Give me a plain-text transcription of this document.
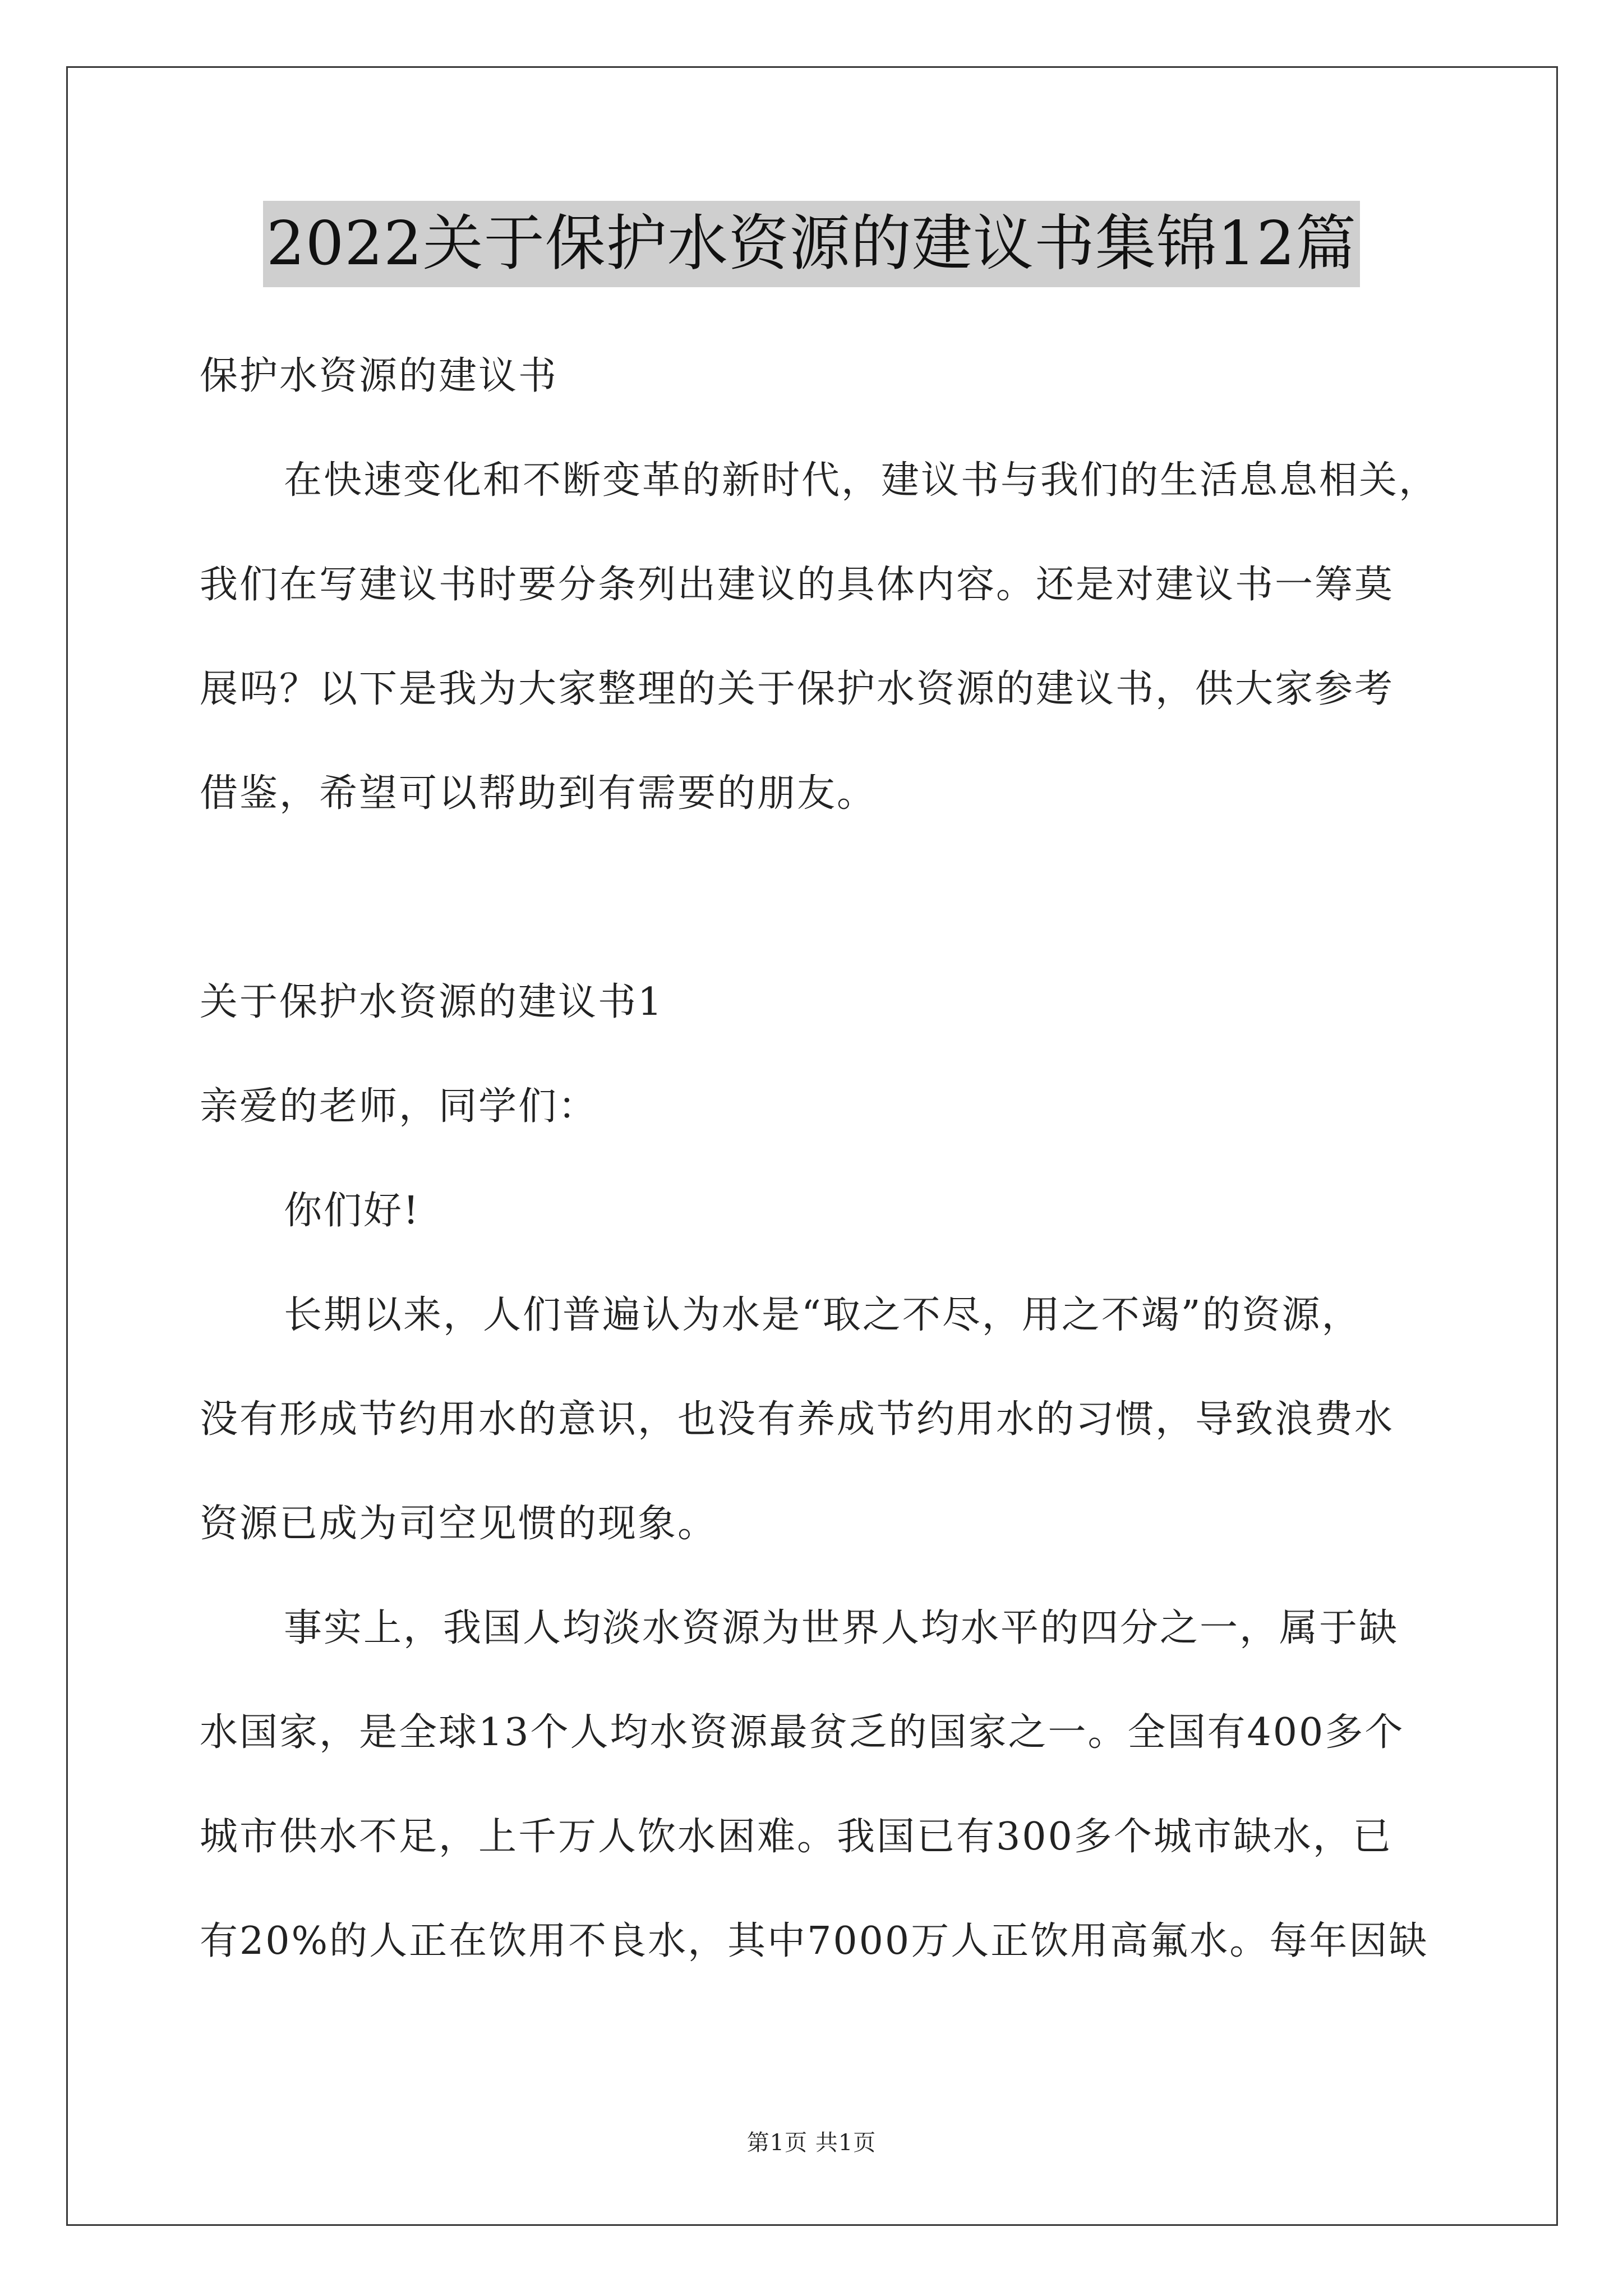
2022关于保护水资源的建议书集锦12篇

保护水资源的建议书

在快速变化和不断变革的新时代，建议书与我们的生活息息相关，

我们在写建议书时要分条列出建议的具体内容。还是对建议书一筹莫

展吗？以下是我为大家整理的关于保护水资源的建议书，供大家参考

借鉴，希望可以帮助到有需要的朋友。

关于保护水资源的建议书1

亲爱的老师，同学们：

你们好!

长期以来，人们普遍认为水是“取之不尽，用之不竭”的资源，

没有形成节约用水的意识，也没有养成节约用水的习惯，导致浪费水

资源已成为司空见惯的现象。

事实上，我国人均淡水资源为世界人均水平的四分之一，属于缺

水国家，是全球13个人均水资源最贫乏的国家之一。全国有400多个

城市供水不足，上千万人饮水困难。我国已有300多个城市缺水，已

有20%的人正在饮用不良水，其中7000万人正饮用高氟水。每年因缺

第1页 共1页
